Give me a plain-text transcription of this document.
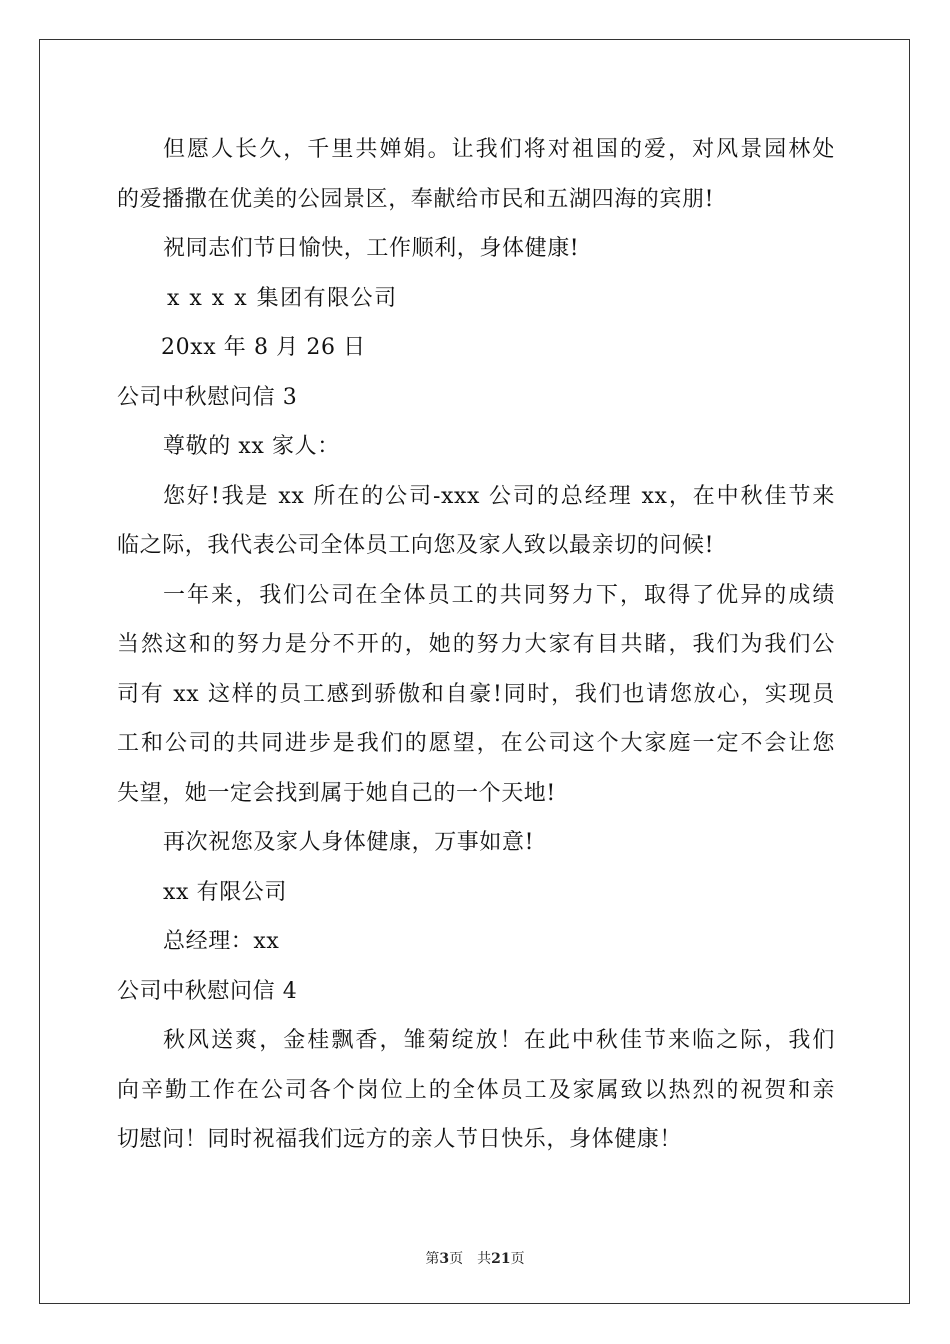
但愿人长久，千里共婵娟。让我们将对祖国的爱，对风景园林处
的爱播撒在优美的公园景区，奉献给市民和五湖四海的宾朋!
祝同志们节日愉快，工作顺利，身体健康!
x x x x 集团有限公司
20xx 年 8 月 26 日
公司中秋慰问信 3
尊敬的 xx 家人：
您好!我是 xx 所在的公司-xxx 公司的总经理 xx，在中秋佳节来
临之际，我代表公司全体员工向您及家人致以最亲切的问候!
一年来，我们公司在全体员工的共同努力下，取得了优异的成绩
当然这和的努力是分不开的，她的努力大家有目共睹，我们为我们公
司有 xx 这样的员工感到骄傲和自豪!同时，我们也请您放心，实现员
工和公司的共同进步是我们的愿望，在公司这个大家庭一定不会让您
失望，她一定会找到属于她自己的一个天地!
再次祝您及家人身体健康，万事如意!
xx 有限公司
总经理：xx
公司中秋慰问信 4
秋风送爽，金桂飘香，雏菊绽放！在此中秋佳节来临之际，我们
向辛勤工作在公司各个岗位上的全体员工及家属致以热烈的祝贺和亲
切慰问！同时祝福我们远方的亲人节日快乐，身体健康！
第3页　共21页
